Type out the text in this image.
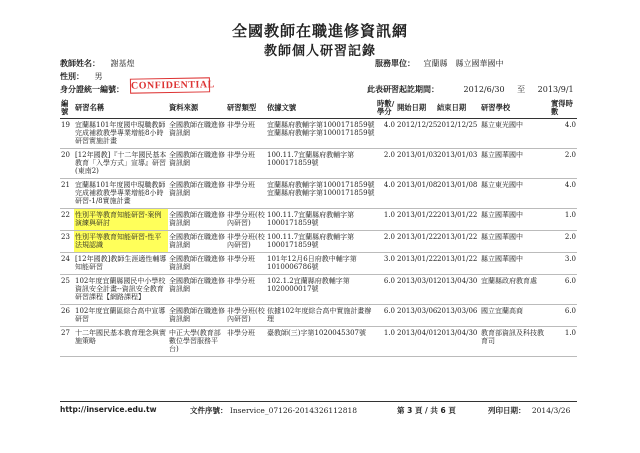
全國教師在職進修資訊網
教師個人研習記錄
教師姓名： 謝基煌	服務單位： 宜蘭縣　縣立國華國中
性別： 男
身分證統一編號： CONFIDENTIAL	此表研習起訖期間：	2012/6/30 至 2013/9/1
編號	研習名稱	資料來源	研習類型	依據文號	時數/學分	開始日期	結束日期	研習學校	實得時數
19	宜蘭縣101年度國中現職教師完成補救教學專業增能8小時研習實施計畫	全國教師在職進修資訊網	非學分班	宜蘭縣府教輔字第1000171859號 宜蘭縣府教輔字第1000171859號	4.0	2012/12/25	2012/12/25	縣立東光國中	4.0
20	[12年國教]『十二年國民基本教育「入學方式」宣導』研習(東南2)	全國教師在職進修資訊網	非學分班	100.11.7宜蘭縣府教輔字第1000171859號	2.0	2013/01/03	2013/01/03	縣立國華國中	2.0
21	宜蘭縣101年度國中現職教師完成補救教學專業增能8小時研習-1/8實施計畫	全國教師在職進修資訊網	非學分班	宜蘭縣府教輔字第1000171859號 宜蘭縣府教輔字第1000171859號	4.0	2013/01/08	2013/01/08	縣立東光國中	4.0
22	性別平等教育知能研習-案例演練與研討	全國教師在職進修資訊網	非學分班(校內研習)	100.11.7宜蘭縣府教輔字第1000171859號	1.0	2013/01/22	2013/01/22	縣立國華國中	1.0
23	性別平等教育知能研習-性平法規認識	全國教師在職進修資訊網	非學分班(校內研習)	100.11.7宜蘭縣府教輔字第1000171859號	2.0	2013/01/22	2013/01/22	縣立國華國中	2.0
24	[12年國教]教師生涯適性輔導知能研習	全國教師在職進修資訊網	非學分班	101年12月6日府教中輔字第1010006786號	3.0	2013/01/22	2013/01/22	縣立國華國中	3.0
25	102年度宜蘭縣國民中小學校資訊安全計畫--資訊安全教育研習課程【網路課程】	全國教師在職進修資訊網	非學分班	102.1.2宜蘭縣府教輔字第1020000017號	6.0	2013/03/01	2013/04/30	宜蘭縣政府教育處	6.0
26	102年度宜蘭區綜合高中宣導研習	全國教師在職進修資訊網	非學分班(校內研習)	依據102年度綜合高中實施計畫辦理	6.0	2013/03/06	2013/03/06	國立宜蘭高商	6.0
27	十二年國民基本教育理念與實施策略	中正大學(教育部數位學習服務平台)	非學分班	臺教師(三)字第1020045307號	1.0	2013/04/01	2013/04/30	教育部資訊及科技教育司	1.0
http://inservice.edu.tw	文件序號： Inservice_07126-2014326112818	第 3 頁 / 共 6 頁	列印日期： 2014/3/26
